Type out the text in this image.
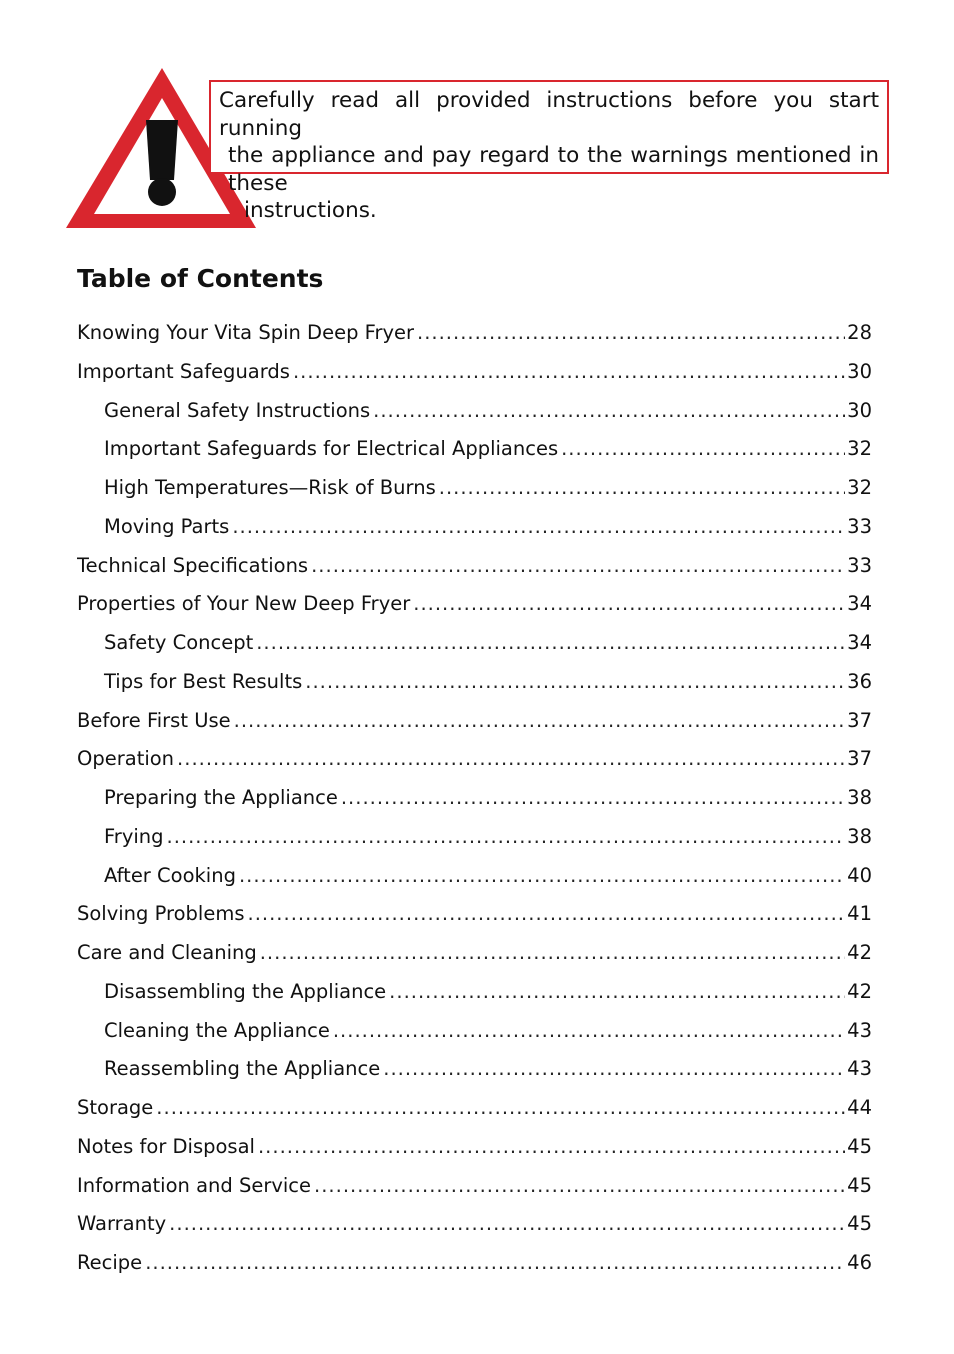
Carefully read all provided instructions before you start running
the appliance and pay regard to the warnings mentioned in these
instructions.
Table of Contents
Knowing Your Vita Spin Deep Fryer .....	28
Important Safeguards .....	30
General Safety Instructions .....	30
Important Safeguards for Electrical Appliances .....	32
High Temperatures—Risk of Burns .....	32
Moving Parts .....	33
Technical Specifications .....	33
Properties of Your New Deep Fryer .....	34
Safety Concept .....	34
Tips for Best Results .....	36
Before First Use .....	37
Operation .....	37
Preparing the Appliance .....	38
Frying .....	38
After Cooking .....	40
Solving Problems .....	41
Care and Cleaning .....	42
Disassembling the Appliance .....	42
Cleaning the Appliance .....	43
Reassembling the Appliance .....	43
Storage .....	44
Notes for Disposal .....	45
Information and Service .....	45
Warranty .....	45
Recipe .....	46
